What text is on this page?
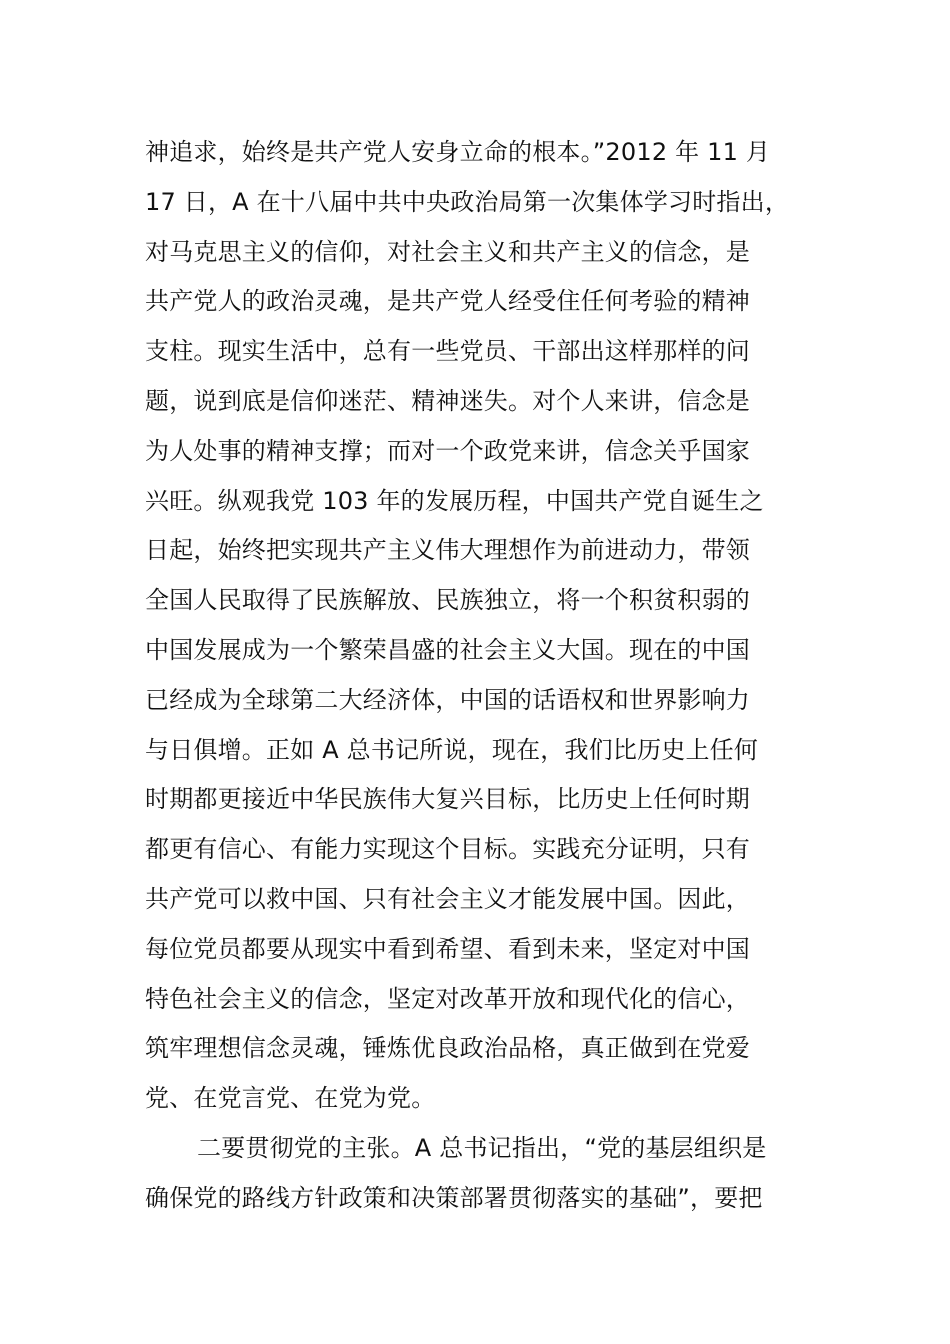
神追求，始终是共产党人安身立命的根本。”2012 年 11 月
17 日，A 在十八届中共中央政治局第一次集体学习时指出，
对马克思主义的信仰，对社会主义和共产主义的信念，是
共产党人的政治灵魂，是共产党人经受住任何考验的精神
支柱。现实生活中，总有一些党员、干部出这样那样的问
题，说到底是信仰迷茫、精神迷失。对个人来讲，信念是
为人处事的精神支撑；而对一个政党来讲，信念关乎国家
兴旺。纵观我党 103 年的发展历程，中国共产党自诞生之
日起，始终把实现共产主义伟大理想作为前进动力，带领
全国人民取得了民族解放、民族独立，将一个积贫积弱的
中国发展成为一个繁荣昌盛的社会主义大国。现在的中国
已经成为全球第二大经济体，中国的话语权和世界影响力
与日俱增。正如 A 总书记所说，现在，我们比历史上任何
时期都更接近中华民族伟大复兴目标，比历史上任何时期
都更有信心、有能力实现这个目标。实践充分证明，只有
共产党可以救中国、只有社会主义才能发展中国。因此，
每位党员都要从现实中看到希望、看到未来，坚定对中国
特色社会主义的信念，坚定对改革开放和现代化的信心，
筑牢理想信念灵魂，锤炼优良政治品格，真正做到在党爱
党、在党言党、在党为党。
二要贯彻党的主张。A 总书记指出，“党的基层组织是
确保党的路线方针政策和决策部署贯彻落实的基础”，要把
